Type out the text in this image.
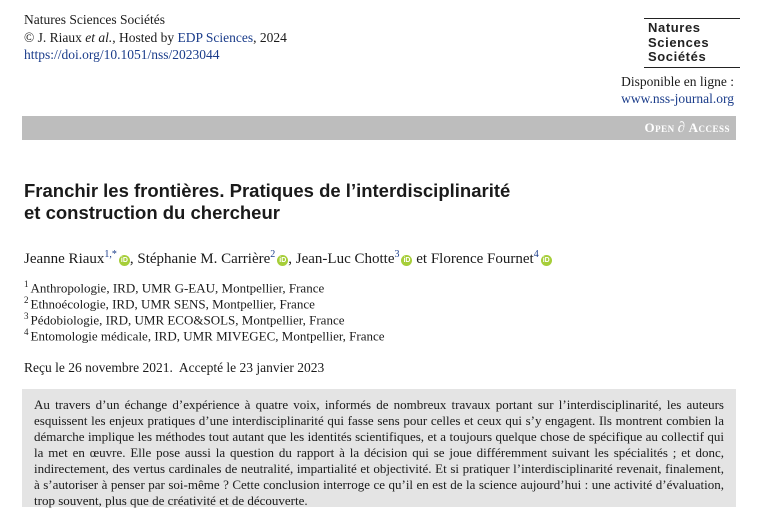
Natures Sciences Sociétés
© J. Riaux et al., Hosted by EDP Sciences, 2024
https://doi.org/10.1051/nss/2023044
Natures
Sciences
Sociétés
Disponible en ligne :
www.nss-journal.org
Open ∂ Access
Franchir les frontières. Pratiques de l’interdisciplinarité
et construction du chercheur
Jeanne Riaux$^{1,*}$iD , Stéphanie M. Carrière$^2$iD , Jean-Luc Chotte$^3$iD et Florence Fournet$^4$iD
$^1$ Anthropologie, IRD, UMR G-EAU, Montpellier, France
$^2$ Ethnoécologie, IRD, UMR SENS, Montpellier, France
$^3$ Pédobiologie, IRD, UMR ECO&SOLS, Montpellier, France
$^4$ Entomologie médicale, IRD, UMR MIVEGEC, Montpellier, France
Reçu le 26 novembre 2021.  Accepté le 23 janvier 2023
Au travers d’un échange d’expérience à quatre voix, informés de nombreux travaux portant sur l’interdisciplinarité, les auteurs esquissent les enjeux pratiques d’une interdisciplinarité qui fasse sens pour celles et ceux qui s’y engagent. Ils montrent combien la démarche implique les méthodes tout autant que les identités scientifiques, et a toujours quelque chose de spécifique au collectif qui la met en œuvre. Elle pose aussi la question du rapport à la décision qui se joue différemment suivant les spécialités ; et donc, indirectement, des vertus cardinales de neutralité, impartialité et objectivité. Et si pratiquer l’interdisciplinarité revenait, finalement, à s’autoriser à penser par soi-même ? Cette conclusion interroge ce qu’il en est de la science aujourd’hui : une activité d’évaluation, trop souvent, plus que de créativité et de découverte.
